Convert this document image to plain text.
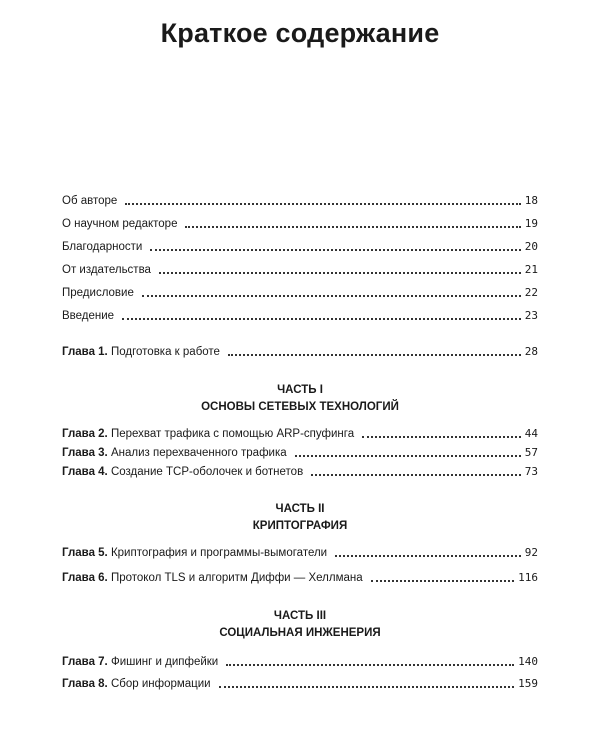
Краткое содержание
Об авторе	18
О научном редакторе	19
Благодарности	20
От издательства	21
Предисловие	22
Введение	23
Глава 1. Подготовка к работе	28
ЧАСТЬ I
ОСНОВЫ СЕТЕВЫХ ТЕХНОЛОГИЙ
Глава 2. Перехват трафика с помощью ARP-спуфинга	44
Глава 3. Анализ перехваченного трафика	57
Глава 4. Создание TCP-оболочек и ботнетов	73
ЧАСТЬ II
КРИПТОГРАФИЯ
Глава 5. Криптография и программы-вымогатели	92
Глава 6. Протокол TLS и алгоритм Диффи — Хеллмана	116
ЧАСТЬ III
СОЦИАЛЬНАЯ ИНЖЕНЕРИЯ
Глава 7. Фишинг и дипфейки	140
Глава 8. Сбор информации	159
